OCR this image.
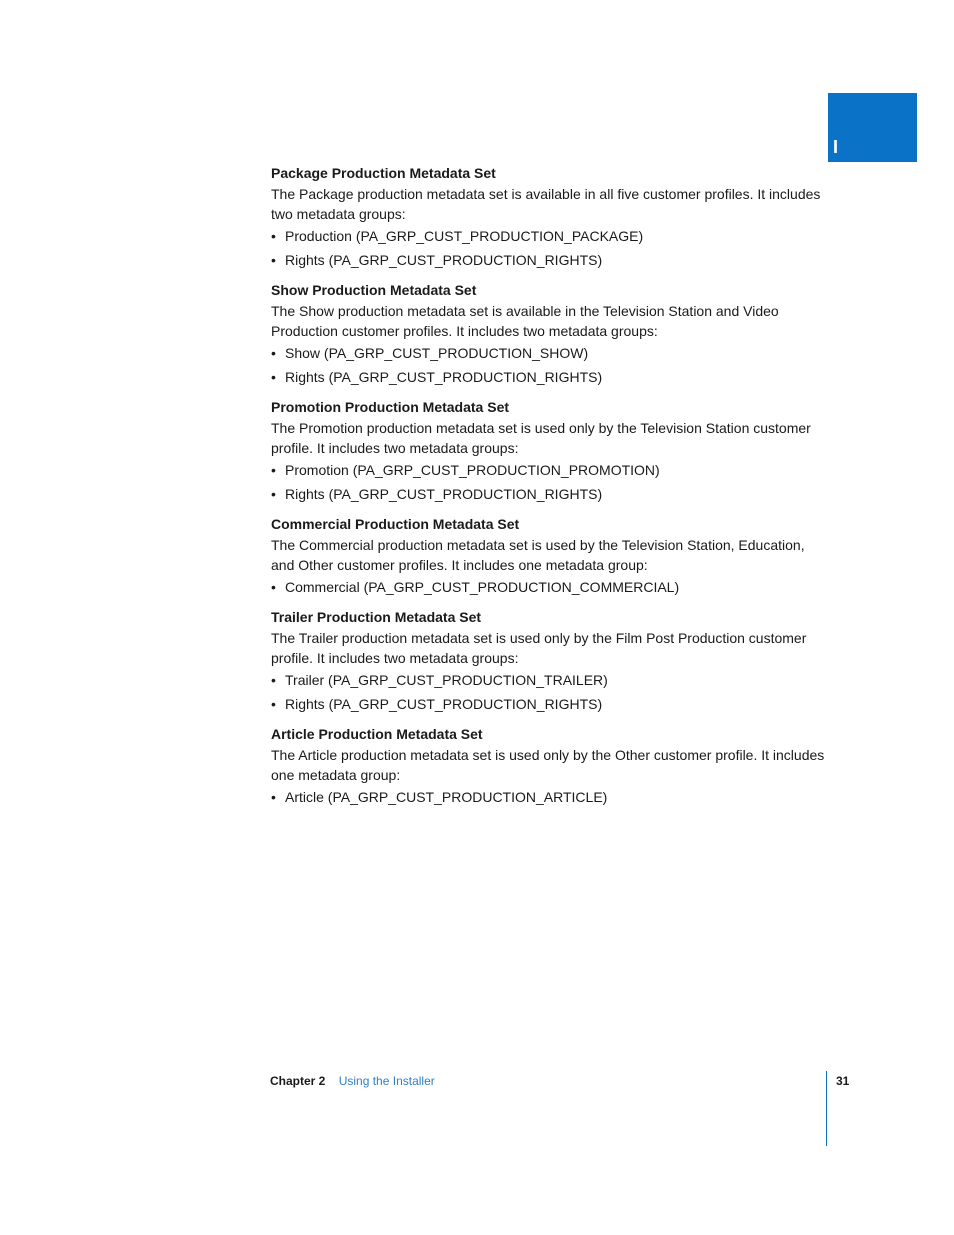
I
Package Production Metadata Set
The Package production metadata set is available in all five customer profiles. It includes two metadata groups:
• Production (PA_GRP_CUST_PRODUCTION_PACKAGE)
• Rights (PA_GRP_CUST_PRODUCTION_RIGHTS)
Show Production Metadata Set
The Show production metadata set is available in the Television Station and Video Production customer profiles. It includes two metadata groups:
• Show (PA_GRP_CUST_PRODUCTION_SHOW)
• Rights (PA_GRP_CUST_PRODUCTION_RIGHTS)
Promotion Production Metadata Set
The Promotion production metadata set is used only by the Television Station customer profile. It includes two metadata groups:
• Promotion (PA_GRP_CUST_PRODUCTION_PROMOTION)
• Rights (PA_GRP_CUST_PRODUCTION_RIGHTS)
Commercial Production Metadata Set
The Commercial production metadata set is used by the Television Station, Education, and Other customer profiles. It includes one metadata group:
• Commercial (PA_GRP_CUST_PRODUCTION_COMMERCIAL)
Trailer Production Metadata Set
The Trailer production metadata set is used only by the Film Post Production customer profile. It includes two metadata groups:
• Trailer (PA_GRP_CUST_PRODUCTION_TRAILER)
• Rights (PA_GRP_CUST_PRODUCTION_RIGHTS)
Article Production Metadata Set
The Article production metadata set is used only by the Other customer profile. It includes one metadata group:
• Article (PA_GRP_CUST_PRODUCTION_ARTICLE)
Chapter 2 Using the Installer	31
